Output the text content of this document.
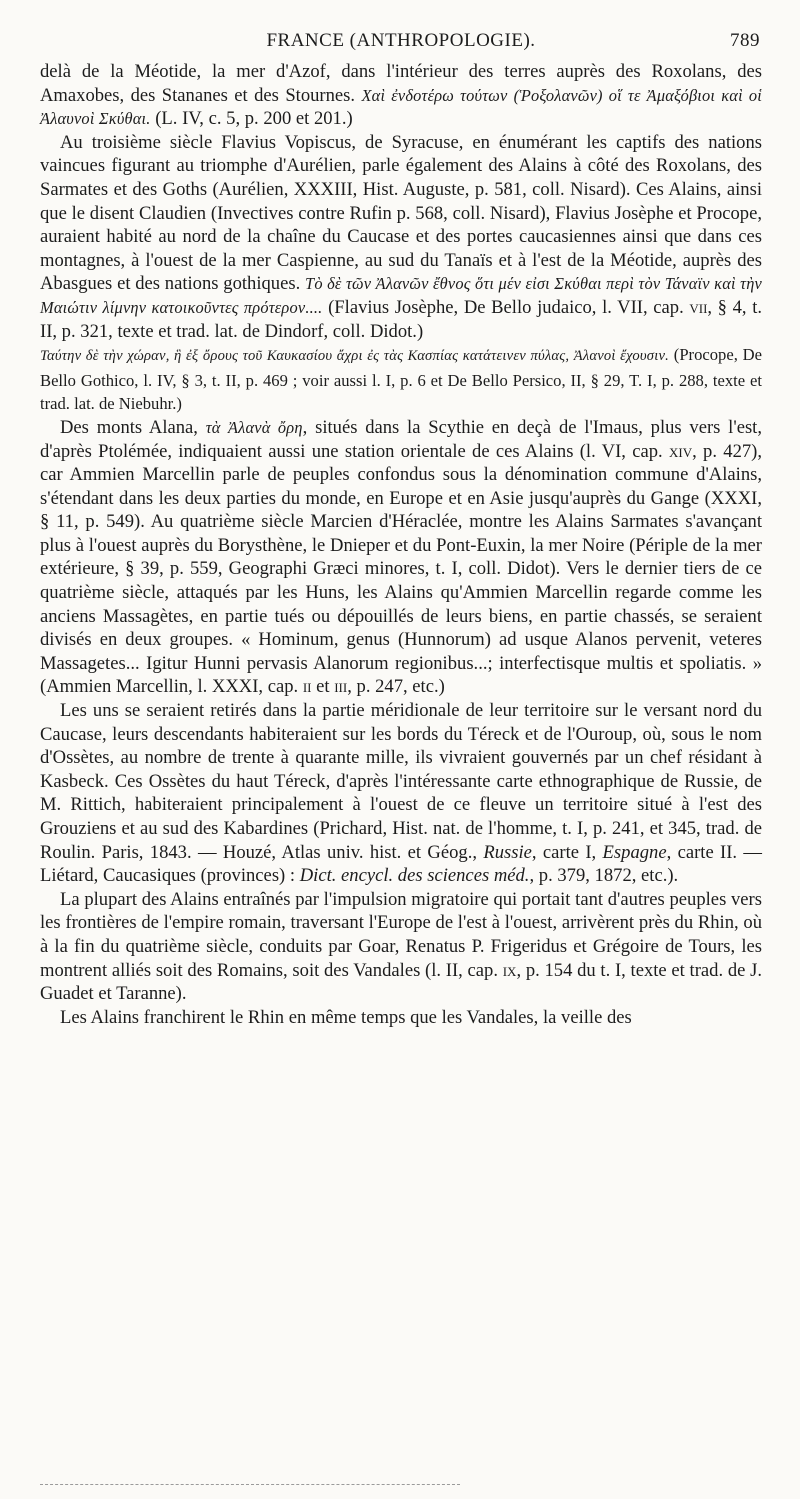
FRANCE (ANTHROPOLOGIE).	789

delà de la Méotide, la mer d'Azof, dans l'intérieur des terres auprès des Roxolans, des Amaxobes, des Stananes et des Stournes. Χαὶ ἐνδοτέρω τούτων (Ῥοξολανῶν) οἵ τε Ἀμαξόβιοι καὶ οἱ Ἀλαυνοὶ Σκύθαι. (L. IV, c. 5, p. 200 et 201.)

Au troisième siècle Flavius Vopiscus, de Syracuse, en énumérant les captifs des nations vaincues figurant au triomphe d'Aurélien, parle également des Alains à côté des Roxolans, des Sarmates et des Goths (Aurélien, XXXIII, Hist. Auguste, p. 581, coll. Nisard). Ces Alains, ainsi que le disent Claudien (Invectives contre Rufin p. 568, coll. Nisard), Flavius Josèphe et Procope, auraient habité au nord de la chaîne du Caucase et des portes caucasiennes ainsi que dans ces montagnes, à l'ouest de la mer Caspienne, au sud du Tanaïs et à l'est de la Méotide, auprès des Abasgues et des nations gothiques. Τὸ δὲ τῶν Ἀλανῶν ἔθνος ὅτι μέν εἰσι Σκύθαι περὶ τὸν Τάναϊν καὶ τὴν Μαιώτιν λίμνην κατοικοῦντες πρότερον.... (Flavius Josèphe, De Bello judaico, l. VII, cap. vii, § 4, t. II, p. 321, texte et trad. lat. de Dindorf, coll. Didot.)

Ταύτην δὲ τὴν χώραν, ἣ ἐξ ὄρους τοῦ Καυκασίου ἄχρι ἐς τὰς Κασπίας κατάτεινεν πύλας, Ἀλανοὶ ἔχουσιν. (Procope, De Bello Gothico, l. IV, § 3, t. II, p. 469 ; voir aussi l. I, p. 6 et De Bello Persico, II, § 29, T. I, p. 288, texte et trad. lat. de Niebuhr.)

Des monts Alana, τὰ Ἀλανὰ ὄρη, situés dans la Scythie en deçà de l'Imaus, plus vers l'est, d'après Ptolémée, indiquaient aussi une station orientale de ces Alains (l. VI, cap. xiv, p. 427), car Ammien Marcellin parle de peuples confondus sous la dénomination commune d'Alains, s'étendant dans les deux parties du monde, en Europe et en Asie jusqu'auprès du Gange (XXXI, § 11, p. 549). Au quatrième siècle Marcien d'Héraclée, montre les Alains Sarmates s'avançant plus à l'ouest auprès du Borysthène, le Dnieper et du Pont-Euxin, la mer Noire (Périple de la mer extérieure, § 39, p. 559, Geographi Græci minores, t. I, coll. Didot). Vers le dernier tiers de ce quatrième siècle, attaqués par les Huns, les Alains qu'Ammien Marcellin regarde comme les anciens Massagètes, en partie tués ou dépouillés de leurs biens, en partie chassés, se seraient divisés en deux groupes. « Hominum, genus (Hunnorum) ad usque Alanos pervenit, veteres Massagetes... Igitur Hunni pervasis Alanorum regionibus...; interfectisque multis et spoliatis. » (Ammien Marcellin, l. XXXI, cap. ii et iii, p. 247, etc.)

Les uns se seraient retirés dans la partie méridionale de leur territoire sur le versant nord du Caucase, leurs descendants habiteraient sur les bords du Téreck et de l'Ouroup, où, sous le nom d'Ossètes, au nombre de trente à quarante mille, ils vivraient gouvernés par un chef résidant à Kasbeck. Ces Ossètes du haut Téreck, d'après l'intéressante carte ethnographique de Russie, de M. Rittich, habiteraient principalement à l'ouest de ce fleuve un territoire situé à l'est des Grouziens et au sud des Kabardines (Prichard, Hist. nat. de l'homme, t. I, p. 241, et 345, trad. de Roulin. Paris, 1843. — Houzé, Atlas univ. hist. et Géog., Russie, carte I, Espagne, carte II. — Liétard, Caucasiques (provinces) : Dict. encycl. des sciences méd., p. 379, 1872, etc.).

La plupart des Alains entraînés par l'impulsion migratoire qui portait tant d'autres peuples vers les frontières de l'empire romain, traversant l'Europe de l'est à l'ouest, arrivèrent près du Rhin, où à la fin du quatrième siècle, conduits par Goar, Renatus P. Frigeridus et Grégoire de Tours, les montrent alliés soit des Romains, soit des Vandales (l. II, cap. ix, p. 154 du t. I, texte et trad. de J. Guadet et Taranne).

Les Alains franchirent le Rhin en même temps que les Vandales, la veille des
